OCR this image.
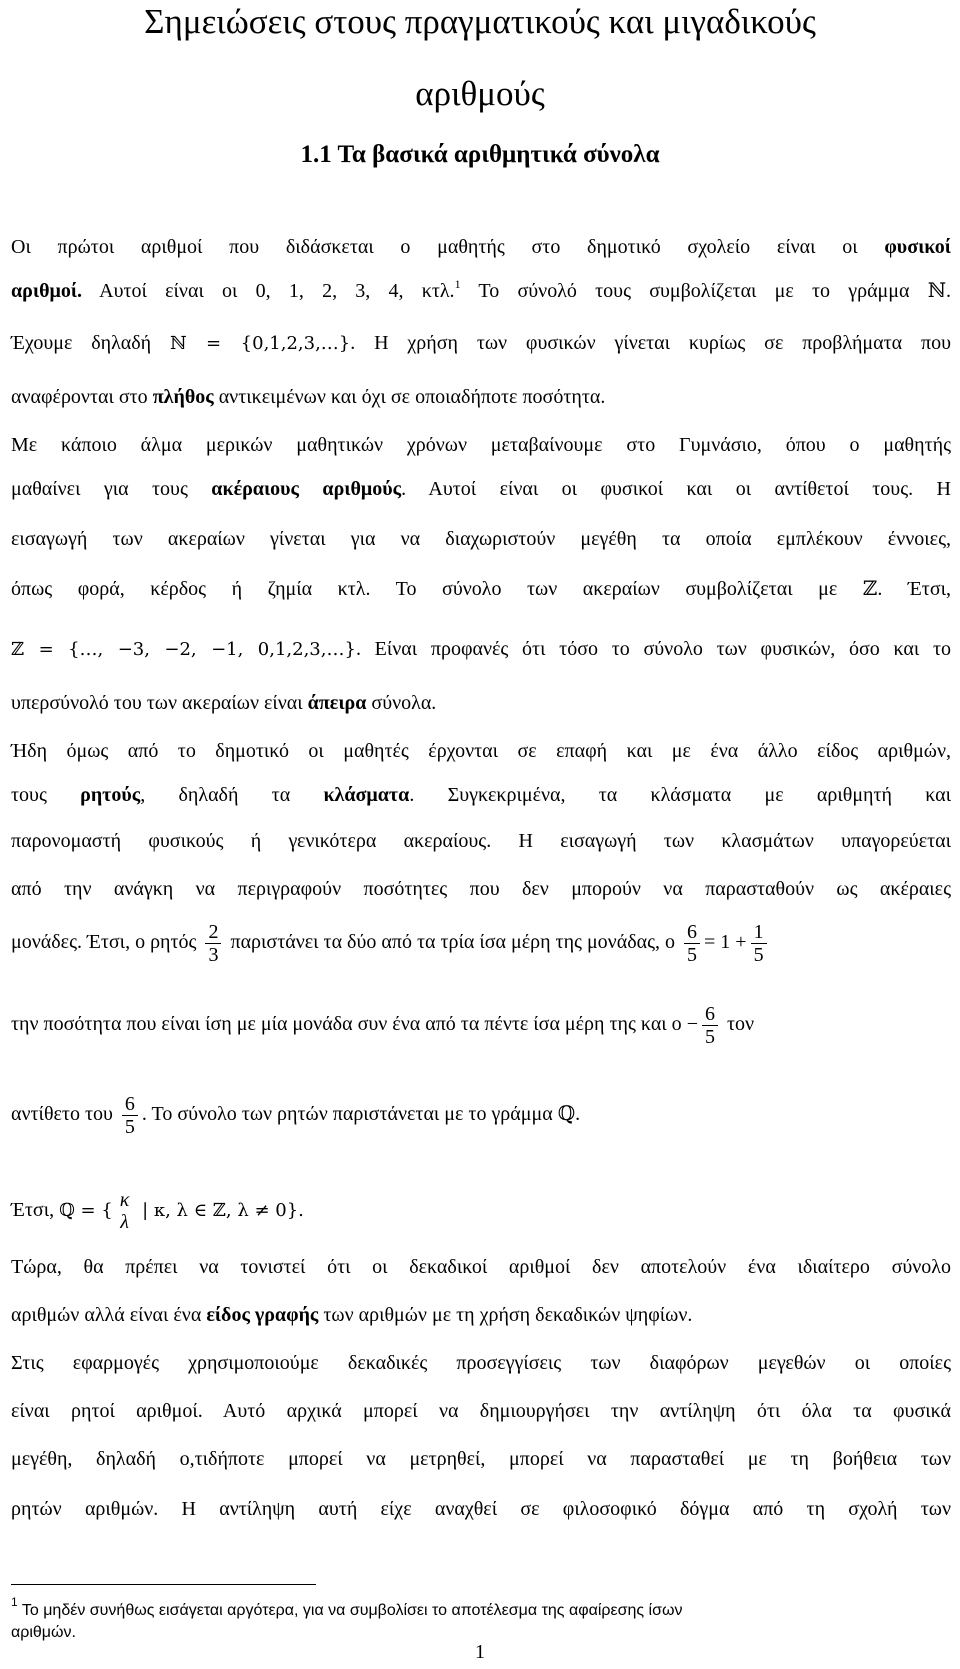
Σημειώσεις στους πραγματικούς και μιγαδικούς
αριθμούς
1.1 Τα βασικά αριθμητικά σύνολα
Οι πρώτοι αριθμοί που διδάσκεται ο μαθητής στο δημοτικό σχολείο είναι οι φυσικοί
αριθμοί. Αυτοί είναι οι 0, 1, 2, 3, 4, κτλ.$^1$ Το σύνολό τους συμβολίζεται με το γράμμα ℕ.
Έχουμε δηλαδή ℕ = {0,1,2,3,…}. Η χρήση των φυσικών γίνεται κυρίως σε προβλήματα που
αναφέρονται στο πλήθος αντικειμένων και όχι σε οποιαδήποτε ποσότητα.
Με κάποιο άλμα μερικών μαθητικών χρόνων μεταβαίνουμε στο Γυμνάσιο, όπου ο μαθητής
μαθαίνει για τους ακέραιους αριθμούς. Αυτοί είναι οι φυσικοί και οι αντίθετοί τους. Η
εισαγωγή των ακεραίων γίνεται για να διαχωριστούν μεγέθη τα οποία εμπλέκουν έννοιες,
όπως φορά, κέρδος ή ζημία κτλ. Το σύνολο των ακεραίων συμβολίζεται με ℤ. Έτσι,
ℤ = {…, −3, −2, −1, 0,1,2,3,…}. Είναι προφανές ότι τόσο το σύνολο των φυσικών, όσο και το
υπερσύνολό του των ακεραίων είναι άπειρα σύνολα.
Ήδη όμως από το δημοτικό οι μαθητές έρχονται σε επαφή και με ένα άλλο είδος αριθμών,
τους ρητούς, δηλαδή τα κλάσματα. Συγκεκριμένα, τα κλάσματα με αριθμητή και
παρονομαστή φυσικούς ή γενικότερα ακεραίους. Η εισαγωγή των κλασμάτων υπαγορεύεται
από την ανάγκη να περιγραφούν ποσότητες που δεν μπορούν να παρασταθούν ως ακέραιες
μονάδες. Έτσι, ο ρητός $\frac{2}{3}$ παριστάνει τα δύο από τα τρία ίσα μέρη της μονάδας, ο $\frac{6}{5} = 1 + \frac{1}{5}$
την ποσότητα που είναι ίση με μία μονάδα συν ένα από τα πέντε ίσα μέρη της και $o - \frac{6}{5}$ τον
αντίθετο του $\frac{6}{5}$ . Το σύνολο των ρητών παριστάνεται με το γράμμα ℚ.
Έτσι, ℚ = { κ
λ
| κ, λ ∈ ℤ, λ ≠ 0}.
Τώρα, θα πρέπει να τονιστεί ότι οι δεκαδικοί αριθμοί δεν αποτελούν ένα ιδιαίτερο σύνολο
αριθμών αλλά είναι ένα είδος γραφής των αριθμών με τη χρήση δεκαδικών ψηφίων.
Στις εφαρμογές χρησιμοποιούμε δεκαδικές προσεγγίσεις των διαφόρων μεγεθών οι οποίες
είναι ρητοί αριθμοί. Αυτό αρχικά μπορεί να δημιουργήσει την αντίληψη ότι όλα τα φυσικά
μεγέθη, δηλαδή ο,τιδήποτε μπορεί να μετρηθεί, μπορεί να παρασταθεί με τη βοήθεια των
ρητών αριθμών. Η αντίληψη αυτή είχε αναχθεί σε φιλοσοφικό δόγμα από τη σχολή των
$^1$ Το μηδέν συνήθως εισάγεται αργότερα, για να συμβολίσει το αποτέλεσμα της αφαίρεσης ίσων
αριθμών.
1
